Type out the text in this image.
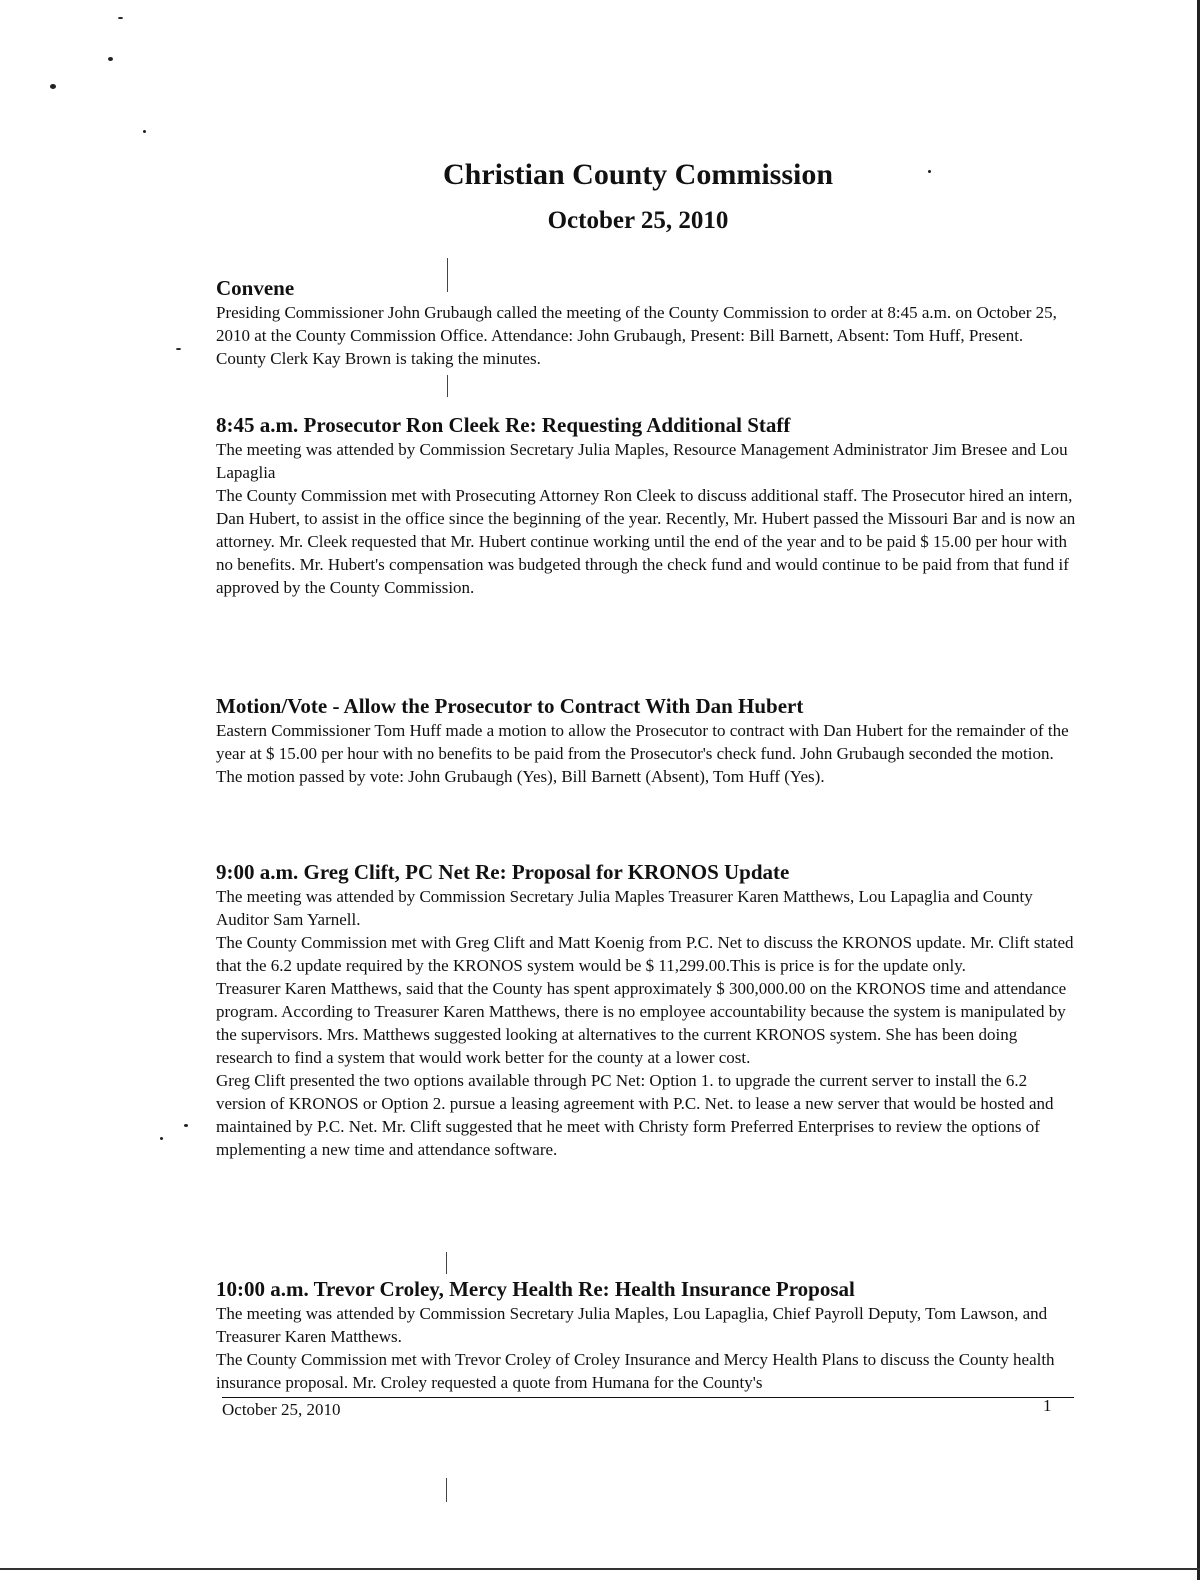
Christian County Commission
October 25, 2010
Convene

Presiding Commissioner John Grubaugh called the meeting of the County Commission to order at 8:45 a.m. on October 25, 2010 at the County Commission Office. Attendance: John Grubaugh, Present: Bill Barnett, Absent: Tom Huff, Present. County Clerk Kay Brown is taking the minutes.

8:45 a.m. Prosecutor Ron Cleek Re: Requesting Additional Staff

The meeting was attended by Commission Secretary Julia Maples, Resource Management Administrator Jim Bresee and Lou Lapaglia

The County Commission met with Prosecuting Attorney Ron Cleek to discuss additional staff. The Prosecutor hired an intern, Dan Hubert, to assist in the office since the beginning of the year. Recently, Mr. Hubert passed the Missouri Bar and is now an attorney. Mr. Cleek requested that Mr. Hubert continue working until the end of the year and to be paid $ 15.00 per hour with no benefits. Mr. Hubert's compensation was budgeted through the check fund and would continue to be paid from that fund if approved by the County Commission.

Motion/Vote - Allow the Prosecutor to Contract With Dan Hubert

Eastern Commissioner Tom Huff made a motion to allow the Prosecutor to contract with Dan Hubert for the remainder of the year at $ 15.00 per hour with no benefits to be paid from the Prosecutor's check fund. John Grubaugh seconded the motion. The motion passed by vote: John Grubaugh (Yes), Bill Barnett (Absent), Tom Huff (Yes).

9:00 a.m. Greg Clift, PC Net Re: Proposal for KRONOS Update

The meeting was attended by Commission Secretary Julia Maples Treasurer Karen Matthews, Lou Lapaglia and County Auditor Sam Yarnell.

The County Commission met with Greg Clift and Matt Koenig from P.C. Net to discuss the KRONOS update. Mr. Clift stated that the 6.2 update required by the KRONOS system would be $ 11,299.00.This is price is for the update only.

Treasurer Karen Matthews, said that the County has spent approximately $ 300,000.00 on the KRONOS time and attendance program. According to Treasurer Karen Matthews, there is no employee accountability because the system is manipulated by the supervisors. Mrs. Matthews suggested looking at alternatives to the current KRONOS system. She has been doing research to find a system that would work better for the county at a lower cost.

Greg Clift presented the two options available through PC Net: Option 1. to upgrade the current server to install the 6.2 version of KRONOS or Option 2. pursue a leasing agreement with P.C. Net. to lease a new server that would be hosted and maintained by P.C. Net. Mr. Clift suggested that he meet with Christy form Preferred Enterprises to review the options of mplementing a new time and attendance software.

10:00 a.m. Trevor Croley, Mercy Health Re: Health Insurance Proposal

The meeting was attended by Commission Secretary Julia Maples, Lou Lapaglia, Chief Payroll Deputy, Tom Lawson, and Treasurer Karen Matthews.

The County Commission met with Trevor Croley of Croley Insurance and Mercy Health Plans to discuss the County health insurance proposal. Mr. Croley requested a quote from Humana for the County's

October 25, 2010	1
